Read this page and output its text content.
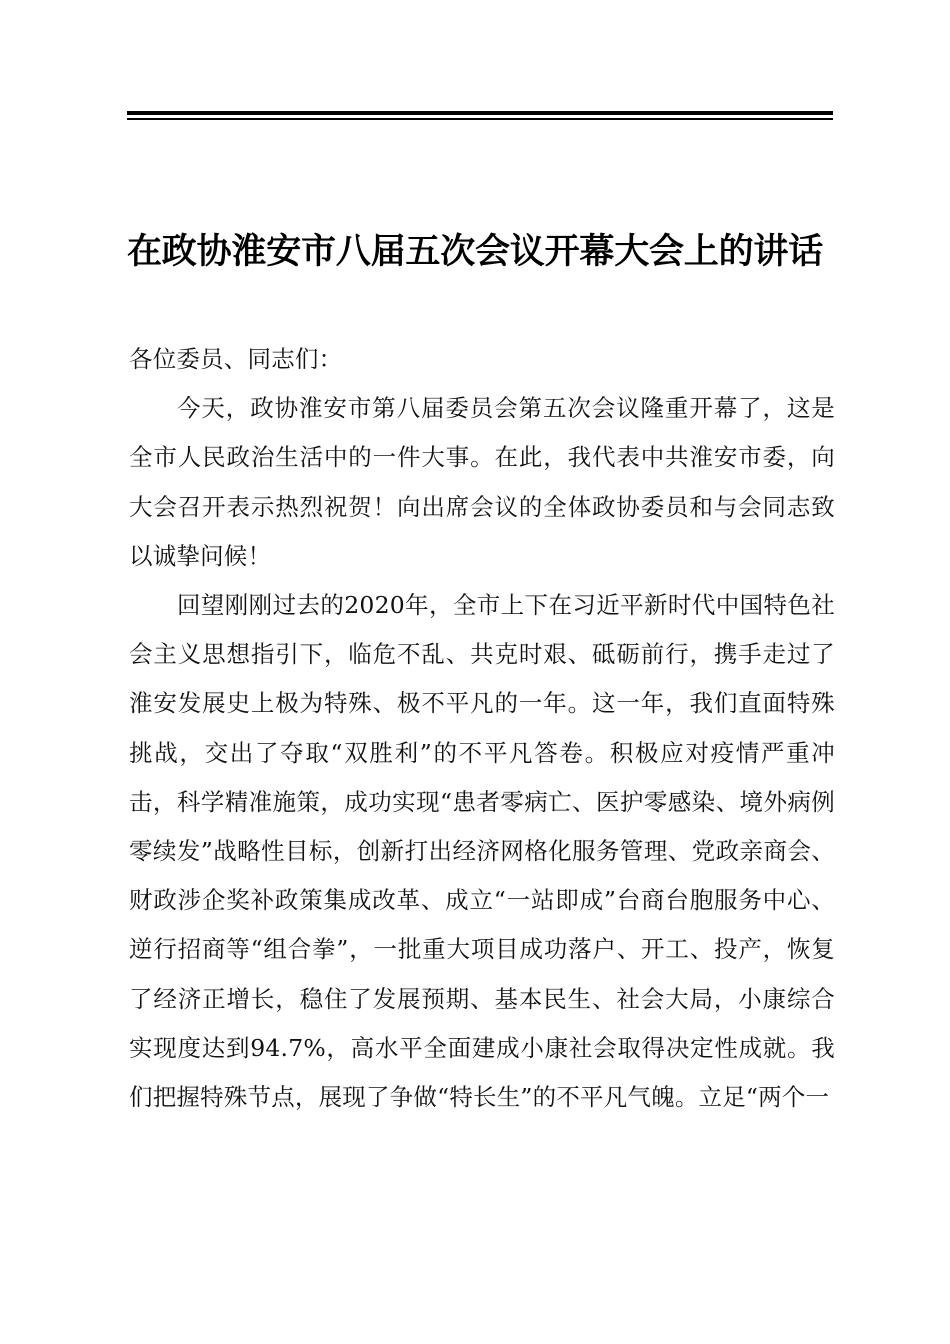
在政协淮安市八届五次会议开幕大会上的讲话

各位委员、同志们：

今天，政协淮安市第八届委员会第五次会议隆重开幕了，这是全市人民政治生活中的一件大事。在此，我代表中共淮安市委，向大会召开表示热烈祝贺！向出席会议的全体政协委员和与会同志致以诚挚问候！

回望刚刚过去的2020年，全市上下在习近平新时代中国特色社会主义思想指引下，临危不乱、共克时艰、砥砺前行，携手走过了淮安发展史上极为特殊、极不平凡的一年。这一年，我们直面特殊挑战，交出了夺取“双胜利”的不平凡答卷。积极应对疫情严重冲击，科学精准施策，成功实现“患者零病亡、医护零感染、境外病例零续发”战略性目标，创新打出经济网格化服务管理、党政亲商会、财政涉企奖补政策集成改革、成立“一站即成”台商台胞服务中心、逆行招商等“组合拳”，一批重大项目成功落户、开工、投产，恢复了经济正增长，稳住了发展预期、基本民生、社会大局，小康综合实现度达到94.7%，高水平全面建成小康社会取得决定性成就。我们把握特殊节点，展现了争做“特长生”的不平凡气魄。立足“两个一
